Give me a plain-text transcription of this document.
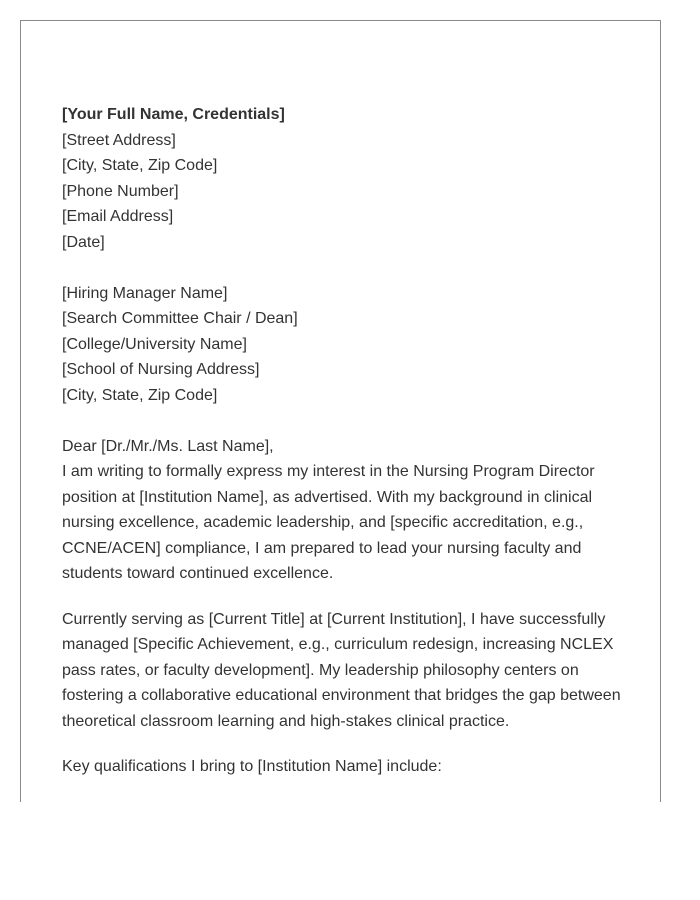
[Your Full Name, Credentials]
[Street Address]
[City, State, Zip Code]
[Phone Number]
[Email Address]
[Date]
[Hiring Manager Name]
[Search Committee Chair / Dean]
[College/University Name]
[School of Nursing Address]
[City, State, Zip Code]
Dear [Dr./Mr./Ms. Last Name],
I am writing to formally express my interest in the Nursing Program Director
position at [Institution Name], as advertised. With my background in clinical
nursing excellence, academic leadership, and [specific accreditation, e.g.,
CCNE/ACEN] compliance, I am prepared to lead your nursing faculty and
students toward continued excellence.
Currently serving as [Current Title] at [Current Institution], I have successfully
managed [Specific Achievement, e.g., curriculum redesign, increasing NCLEX
pass rates, or faculty development]. My leadership philosophy centers on
fostering a collaborative educational environment that bridges the gap between
theoretical classroom learning and high-stakes clinical practice.
Key qualifications I bring to [Institution Name] include:
